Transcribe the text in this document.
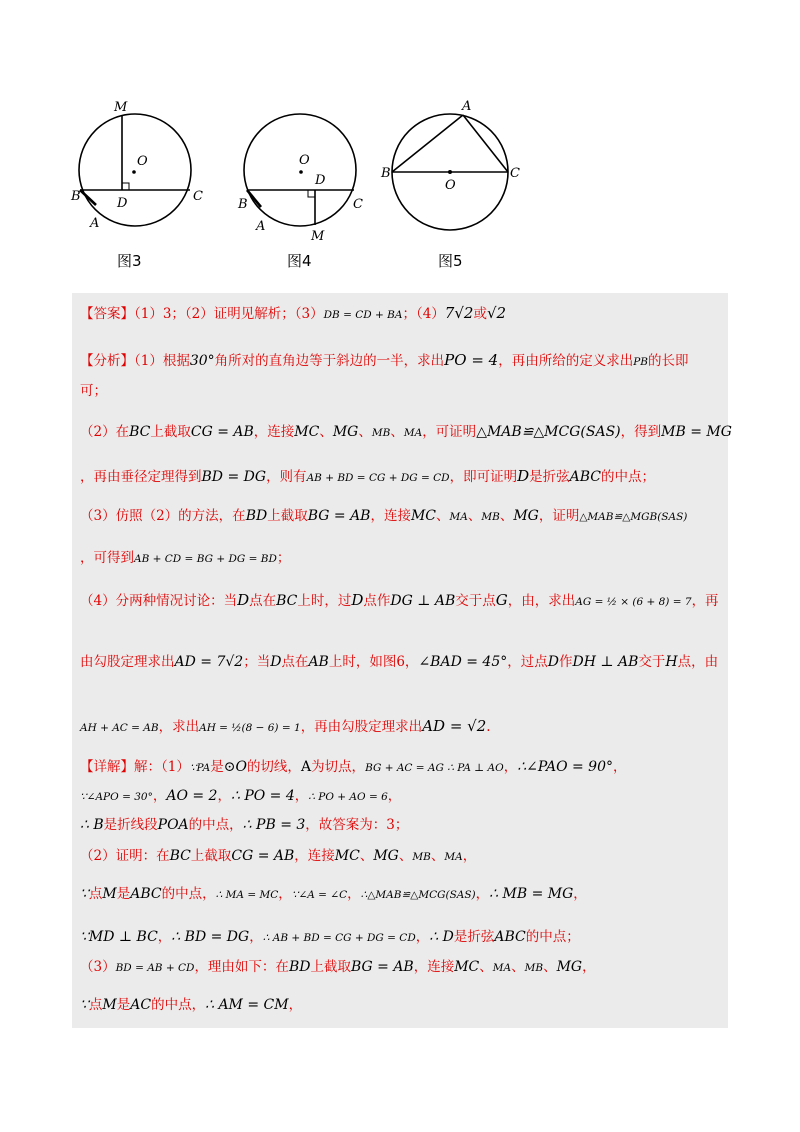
M
O
B	D	C
A
O
D
B	C
A
M
A
B
O
C
图3	图4	图5
【答案】（1）3；（2）证明见解析；（3）DB = CD + BA；（4）7√2或√2
【分析】（1）根据30°角所对的直角边等于斜边的一半，求出PO = 4，再由所给的定义求出PB的长即
可；
（2）在BC上截取CG = AB，连接MC、MG、MB、MA，可证明△MAB≌△MCG(SAS)，得到MB = MG
，再由垂径定理得到BD = DG，则有AB + BD = CG + DG = CD，即可证明D是折弦ABC的中点；
（3）仿照（2）的方法，在BD上截取BG = AB，连接MC、MA、MB、MG，证明△MAB≌△MGB(SAS)
，可得到AB + CD = BG + DG = BD；
（4）分两种情况讨论：当D点在BC上时，过D点作DG ⊥ AB交于点G，由，求出AG = ½ × (6 + 8) = 7，再
由勾股定理求出AD = 7√2；当D点在AB上时，如图6，∠BAD = 45°，过点D作DH ⊥ AB交于H点，由
AH + AC = AB，求出AH = ½(8 − 6) = 1，再由勾股定理求出AD = √2.
【详解】解：（1）∵PA是⊙O的切线，A为切点，BG + AC = AG ∴ PA ⊥ AO，∴∠PAO = 90°，
∵∠APO = 30°，AO = 2，∴ PO = 4，∴ PO + AO = 6，
∴ B是折线段POA的中点，∴ PB = 3，故答案为：3；
（2）证明：在BC上截取CG = AB，连接MC、MG、MB、MA，
∵点M是ABC的中点，∴ MA = MC，∵∠A = ∠C，∴△MAB≌△MCG(SAS)，∴ MB = MG，
∵MD ⊥ BC，∴ BD = DG，∴ AB + BD = CG + DG = CD，∴ D是折弦ABC的中点；
（3）BD = AB + CD，理由如下：在BD上截取BG = AB，连接MC、MA、MB、MG，
∵点M是AC的中点，∴ AM = CM，
